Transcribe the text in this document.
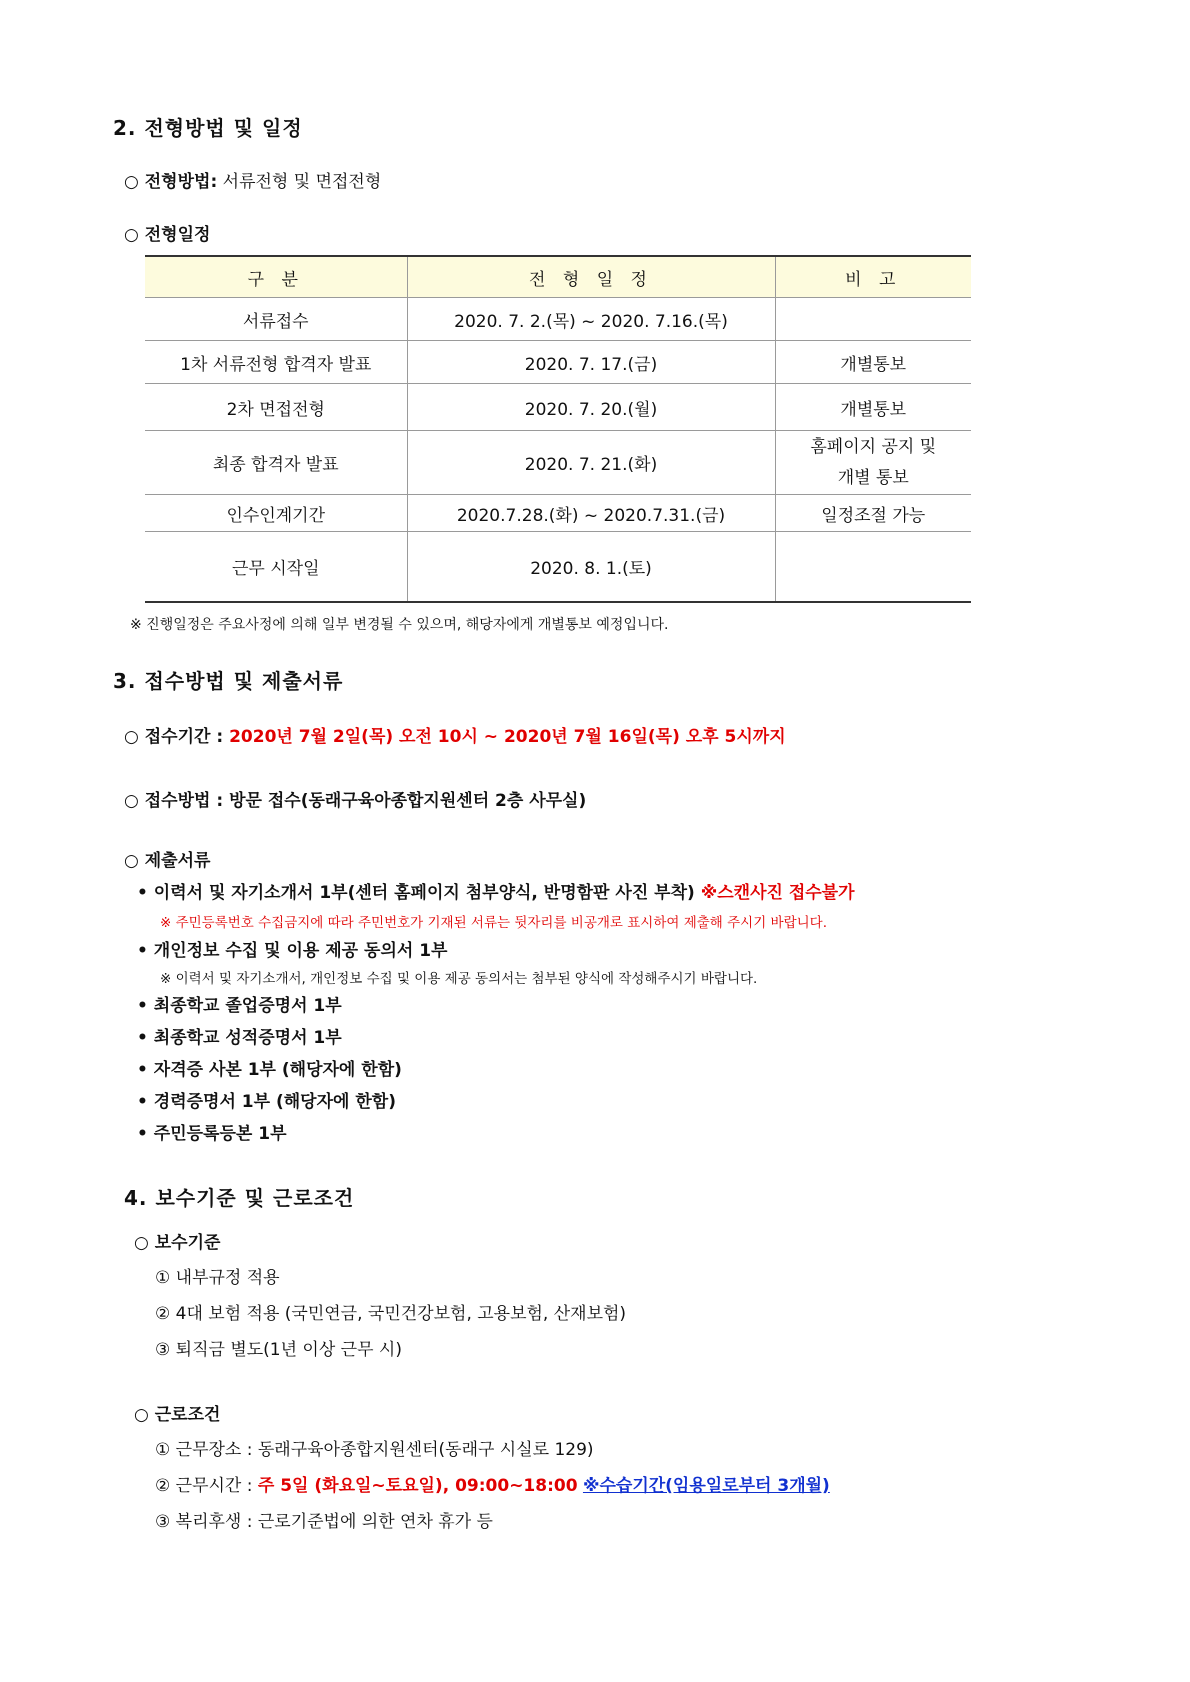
2. 전형방법 및 일정
○ 전형방법: 서류전형 및 면접전형
○ 전형일정
구 분	전 형 일 정	비 고
서류접수	2020. 7. 2.(목) ~ 2020. 7.16.(목)	
1차 서류전형 합격자 발표	2020. 7. 17.(금)	개별통보
2차 면접전형	2020. 7. 20.(월)	개별통보
최종 합격자 발표	2020. 7. 21.(화)	홈페이지 공지 및
개별 통보

인수인계기간	2020.7.28.(화) ~ 2020.7.31.(금)	일정조절 가능
근무 시작일	2020. 8. 1.(토)	
※ 진행일정은 주요사정에 의해 일부 변경될 수 있으며, 해당자에게 개별통보 예정입니다.
3. 접수방법 및 제출서류
○ 접수기간 : 2020년 7월 2일(목) 오전 10시 ~ 2020년 7월 16일(목) 오후 5시까지
○ 접수방법 : 방문 접수(동래구육아종합지원센터 2층 사무실)
○ 제출서류
• 이력서 및 자기소개서 1부(센터 홈페이지 첨부양식, 반명함판 사진 부착) ※스캔사진 접수불가
※ 주민등록번호 수집금지에 따라 주민번호가 기재된 서류는 뒷자리를 비공개로 표시하여 제출해 주시기 바랍니다.
• 개인정보 수집 및 이용 제공 동의서 1부
※ 이력서 및 자기소개서, 개인정보 수집 및 이용 제공 동의서는 첨부된 양식에 작성해주시기 바랍니다.
• 최종학교 졸업증명서 1부
• 최종학교 성적증명서 1부
• 자격증 사본 1부 (해당자에 한함)
• 경력증명서 1부 (해당자에 한함)
• 주민등록등본 1부
4. 보수기준 및 근로조건
○ 보수기준
① 내부규정 적용
② 4대 보험 적용 (국민연금, 국민건강보험, 고용보험, 산재보험)
③ 퇴직금 별도(1년 이상 근무 시)
○ 근로조건
① 근무장소 : 동래구육아종합지원센터(동래구 시실로 129)
② 근무시간 : 주 5일 (화요일~토요일), 09:00~18:00 ※수습기간(임용일로부터 3개월)
③ 복리후생 : 근로기준법에 의한 연차 휴가 등
